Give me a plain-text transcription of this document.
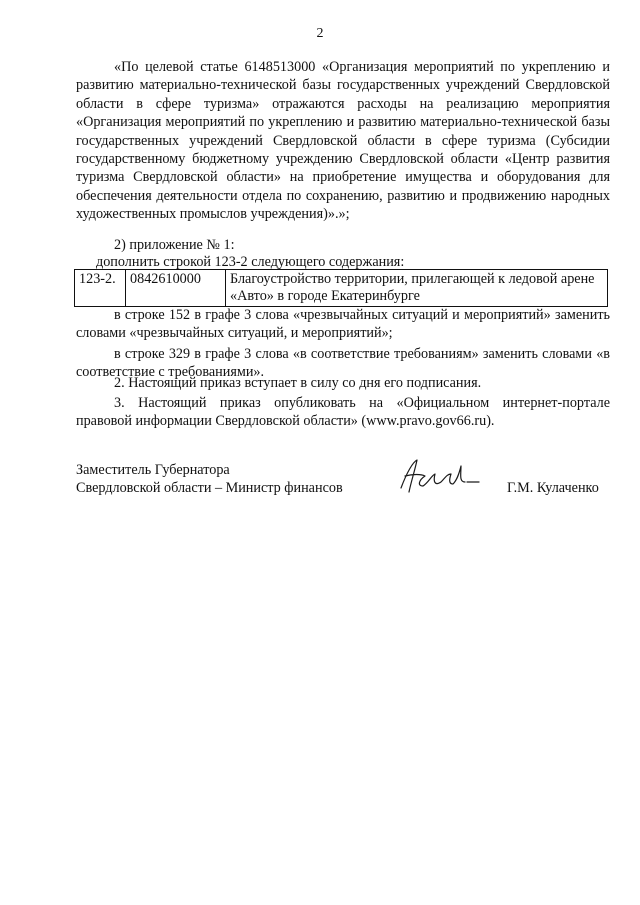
2

«По целевой статье 6148513000 «Организация мероприятий по укреплению и развитию материально-технической базы государственных учреждений Свердловской области в сфере туризма» отражаются расходы на реализацию мероприятия «Организация мероприятий по укреплению и развитию материально-технической базы государственных учреждений Свердловской области в сфере туризма (Субсидии государственному бюджетному учреждению Свердловской области «Центр развития туризма Свердловской области» на приобретение имущества и оборудования для обеспечения деятельности отдела по сохранению, развитию и продвижению народных художественных промыслов учреждения)».»;

2) приложение № 1:

дополнить строкой 123-2 следующего содержания:

123-2.	0842610000	Благоустройство территории, прилегающей к ледовой арене «Авто» в городе Екатеринбурге

в строке 152 в графе 3 слова «чрезвычайных ситуаций и мероприятий» заменить словами «чрезвычайных ситуаций, и мероприятий»;

в строке 329 в графе 3 слова «в соответствие требованиям» заменить словами «в соответствие с требованиями».

2. Настоящий приказ вступает в силу со дня его подписания.

3. Настоящий приказ опубликовать на «Официальном интернет-портале правовой информации Свердловской области» (www.pravo.gov66.ru).

Заместитель Губернатора
Свердловской области – Министр финансов	Г.М. Кулаченко
